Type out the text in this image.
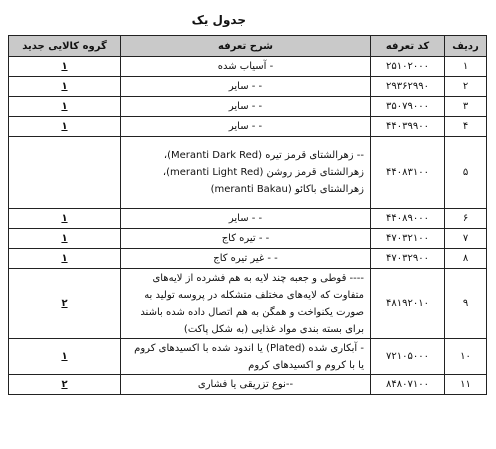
جدول یک
ردیف	کد تعرفه	شرح تعرفه	گروه کالایی جدید
۱	۲۵۱۰۲۰۰۰	- آسیاب شده	۱
۲	۲۹۳۶۲۹۹۰	- - سایر	۱
۳	۳۵۰۷۹۰۰۰	- - سایر	۱
۴	۴۴۰۳۹۹۰۰	- - سایر	۱
۵	۴۴۰۸۳۱۰۰	-- زهرالشتای قرمز تیره (Meranti Dark Red)،
زهرالشتای قرمز روشن (meranti Light Red)،
زهرالشتای باکائو (meranti Bakau)	

۶	۴۴۰۸۹۰۰۰	- - سایر	۱
۷	۴۷۰۳۲۱۰۰	- - تیره کاج	۱
۸	۴۷۰۳۲۹۰۰	- - غیر تیره کاج	۱
۹	۴۸۱۹۲۰۱۰	---- قوطی و جعبه چند لایه به هم فشرده از لایه‌های
متفاوت که لایه‌های مختلف متشکله در پروسه تولید به
صورت یکنواخت و همگن به هم اتصال داده شده باشند
برای بسته بندی مواد غذایی (به شکل پاکت)	۲
۱۰	۷۲۱۰۵۰۰۰	- آبکاری شده (Plated) یا اندود شده با اکسیدهای کروم
یا با کروم و اکسیدهای کروم	۱
۱۱	۸۴۸۰۷۱۰۰	--نوع تزریقی یا فشاری	۲
